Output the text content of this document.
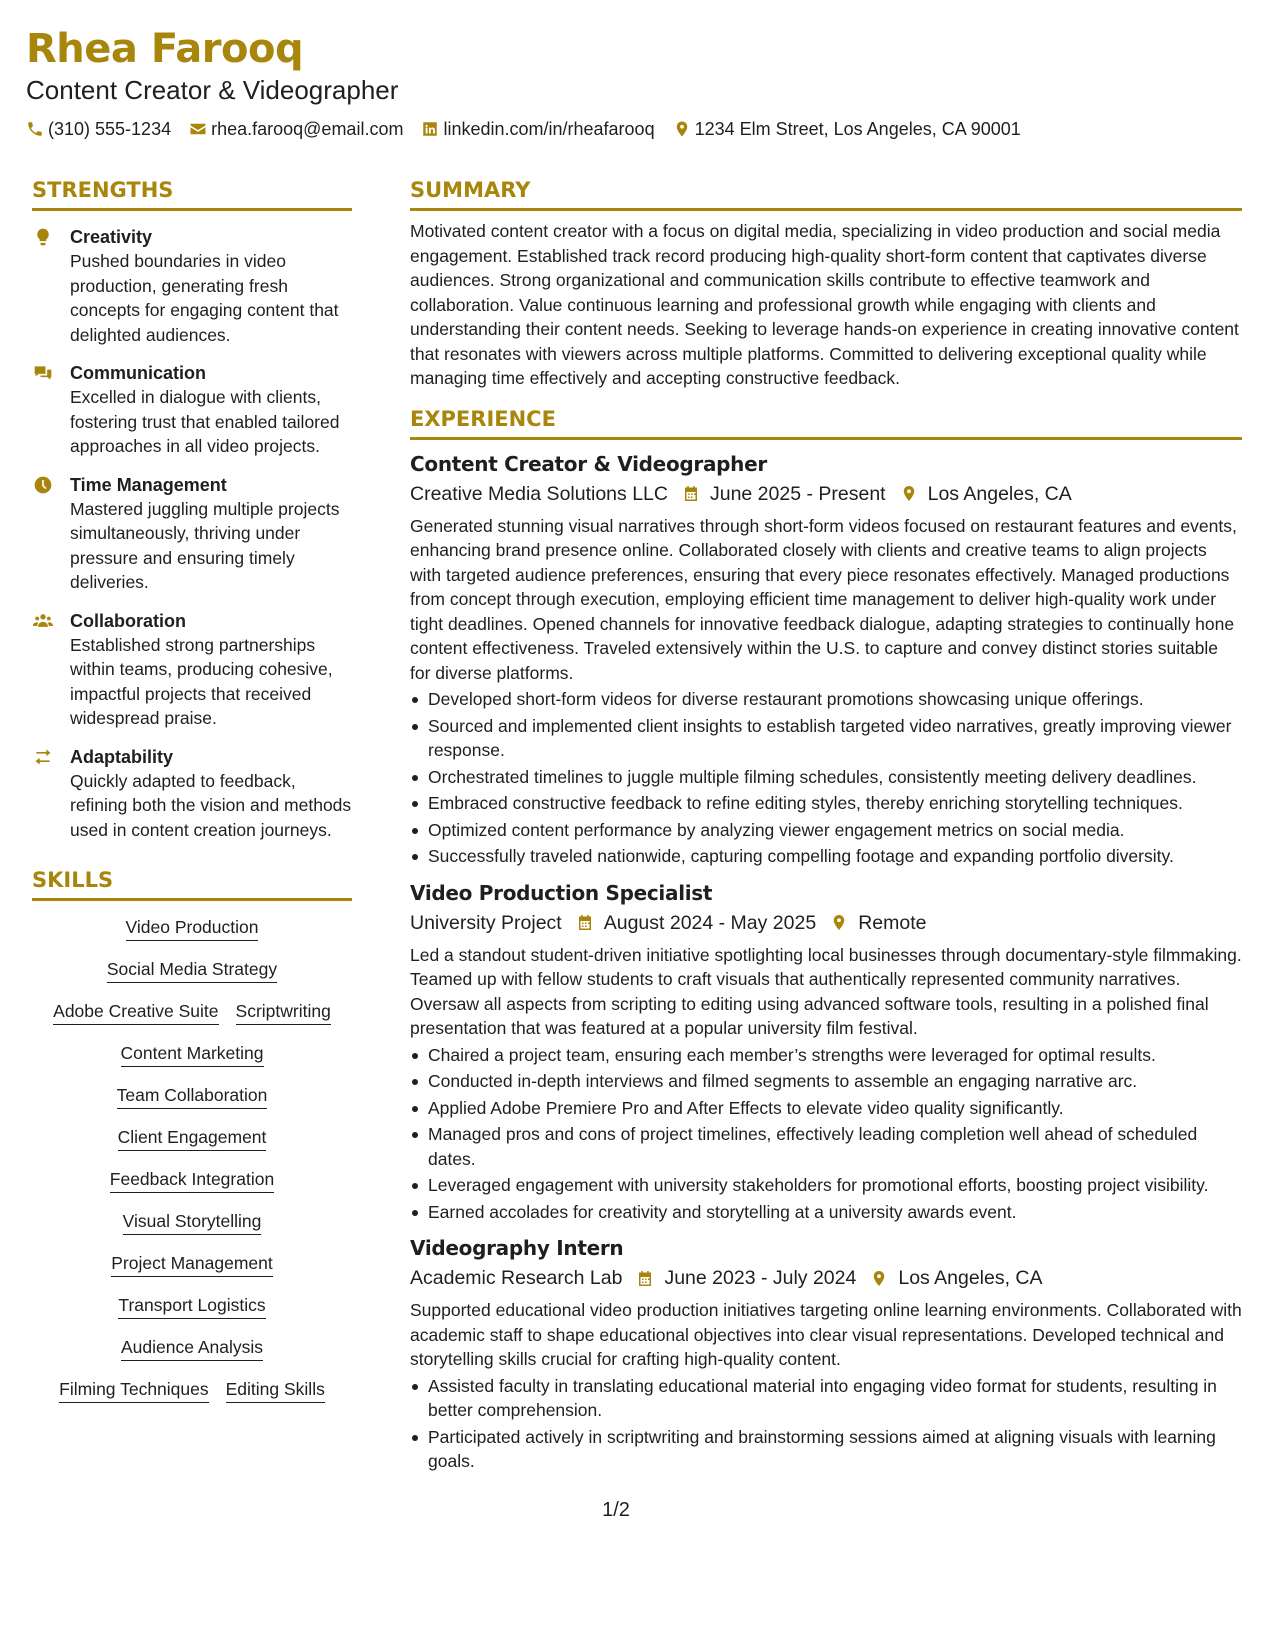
Rhea Farooq
Content Creator & Videographer
(310) 555-1234 rhea.farooq@email.com linkedin.com/in/rheafarooq 1234 Elm Street, Los Angeles, CA 90001
STRENGTHS
Creativity
Pushed boundaries in video production, generating fresh concepts for engaging content that delighted audiences.
Communication
Excelled in dialogue with clients, fostering trust that enabled tailored approaches in all video projects.
Time Management
Mastered juggling multiple projects simultaneously, thriving under pressure and ensuring timely deliveries.
Collaboration
Established strong partnerships within teams, producing cohesive, impactful projects that received widespread praise.
Adaptability
Quickly adapted to feedback, refining both the vision and methods used in content creation journeys.
SKILLS
Video Production
Social Media Strategy
Adobe Creative Suite Scriptwriting
Content Marketing
Team Collaboration
Client Engagement
Feedback Integration
Visual Storytelling
Project Management
Transport Logistics
Audience Analysis
Filming Techniques Editing Skills
SUMMARY
Motivated content creator with a focus on digital media, specializing in video production and social media engagement. Established track record producing high-quality short-form content that captivates diverse audiences. Strong organizational and communication skills contribute to effective teamwork and collaboration. Value continuous learning and professional growth while engaging with clients and understanding their content needs. Seeking to leverage hands-on experience in creating innovative content that resonates with viewers across multiple platforms. Committed to delivering exceptional quality while managing time effectively and accepting constructive feedback.
EXPERIENCE
Content Creator & Videographer
Creative Media Solutions LLC June 2025 - Present Los Angeles, CA
Generated stunning visual narratives through short-form videos focused on restaurant features and events, enhancing brand presence online. Collaborated closely with clients and creative teams to align projects with targeted audience preferences, ensuring that every piece resonates effectively. Managed productions from concept through execution, employing efficient time management to deliver high-quality work under tight deadlines. Opened channels for innovative feedback dialogue, adapting strategies to continually hone content effectiveness. Traveled extensively within the U.S. to capture and convey distinct stories suitable for diverse platforms.
Developed short-form videos for diverse restaurant promotions showcasing unique offerings.
Sourced and implemented client insights to establish targeted video narratives, greatly improving viewer response.
Orchestrated timelines to juggle multiple filming schedules, consistently meeting delivery deadlines.
Embraced constructive feedback to refine editing styles, thereby enriching storytelling techniques.
Optimized content performance by analyzing viewer engagement metrics on social media.
Successfully traveled nationwide, capturing compelling footage and expanding portfolio diversity.
Video Production Specialist
University Project August 2024 - May 2025 Remote
Led a standout student-driven initiative spotlighting local businesses through documentary-style filmmaking. Teamed up with fellow students to craft visuals that authentically represented community narratives. Oversaw all aspects from scripting to editing using advanced software tools, resulting in a polished final presentation that was featured at a popular university film festival.
Chaired a project team, ensuring each member’s strengths were leveraged for optimal results.
Conducted in-depth interviews and filmed segments to assemble an engaging narrative arc.
Applied Adobe Premiere Pro and After Effects to elevate video quality significantly.
Managed pros and cons of project timelines, effectively leading completion well ahead of scheduled dates.
Leveraged engagement with university stakeholders for promotional efforts, boosting project visibility.
Earned accolades for creativity and storytelling at a university awards event.
Videography Intern
Academic Research Lab June 2023 - July 2024 Los Angeles, CA
Supported educational video production initiatives targeting online learning environments. Collaborated with academic staff to shape educational objectives into clear visual representations. Developed technical and storytelling skills crucial for crafting high-quality content.
Assisted faculty in translating educational material into engaging video format for students, resulting in better comprehension.
Participated actively in scriptwriting and brainstorming sessions aimed at aligning visuals with learning goals.
1/2
